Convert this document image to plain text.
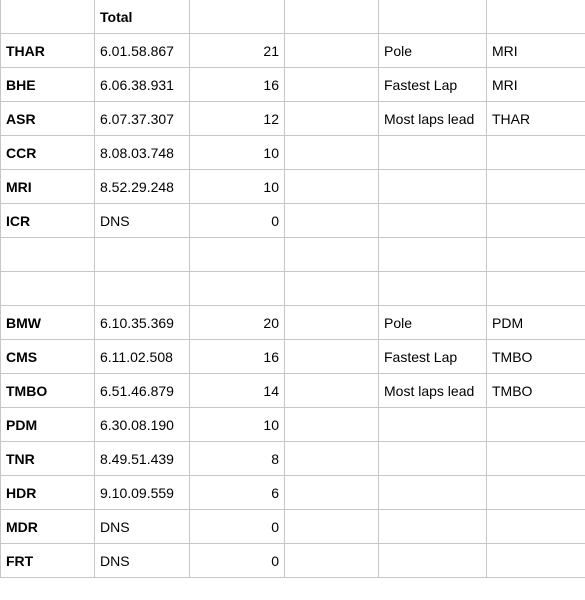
	Total				
THAR	6.01.58.867	21		Pole	MRI
BHE	6.06.38.931	16		Fastest Lap	MRI
ASR	6.07.37.307	12		Most laps lead	THAR
CCR	8.08.03.748	10			
MRI	8.52.29.248	10			
ICR	DNS	0			

BMW	6.10.35.369	20		Pole	PDM
CMS	6.11.02.508	16		Fastest Lap	TMBO
TMBO	6.51.46.879	14		Most laps lead	TMBO
PDM	6.30.08.190	10			
TNR	8.49.51.439	8			
HDR	9.10.09.559	6			
MDR	DNS	0			
FRT	DNS	0			
